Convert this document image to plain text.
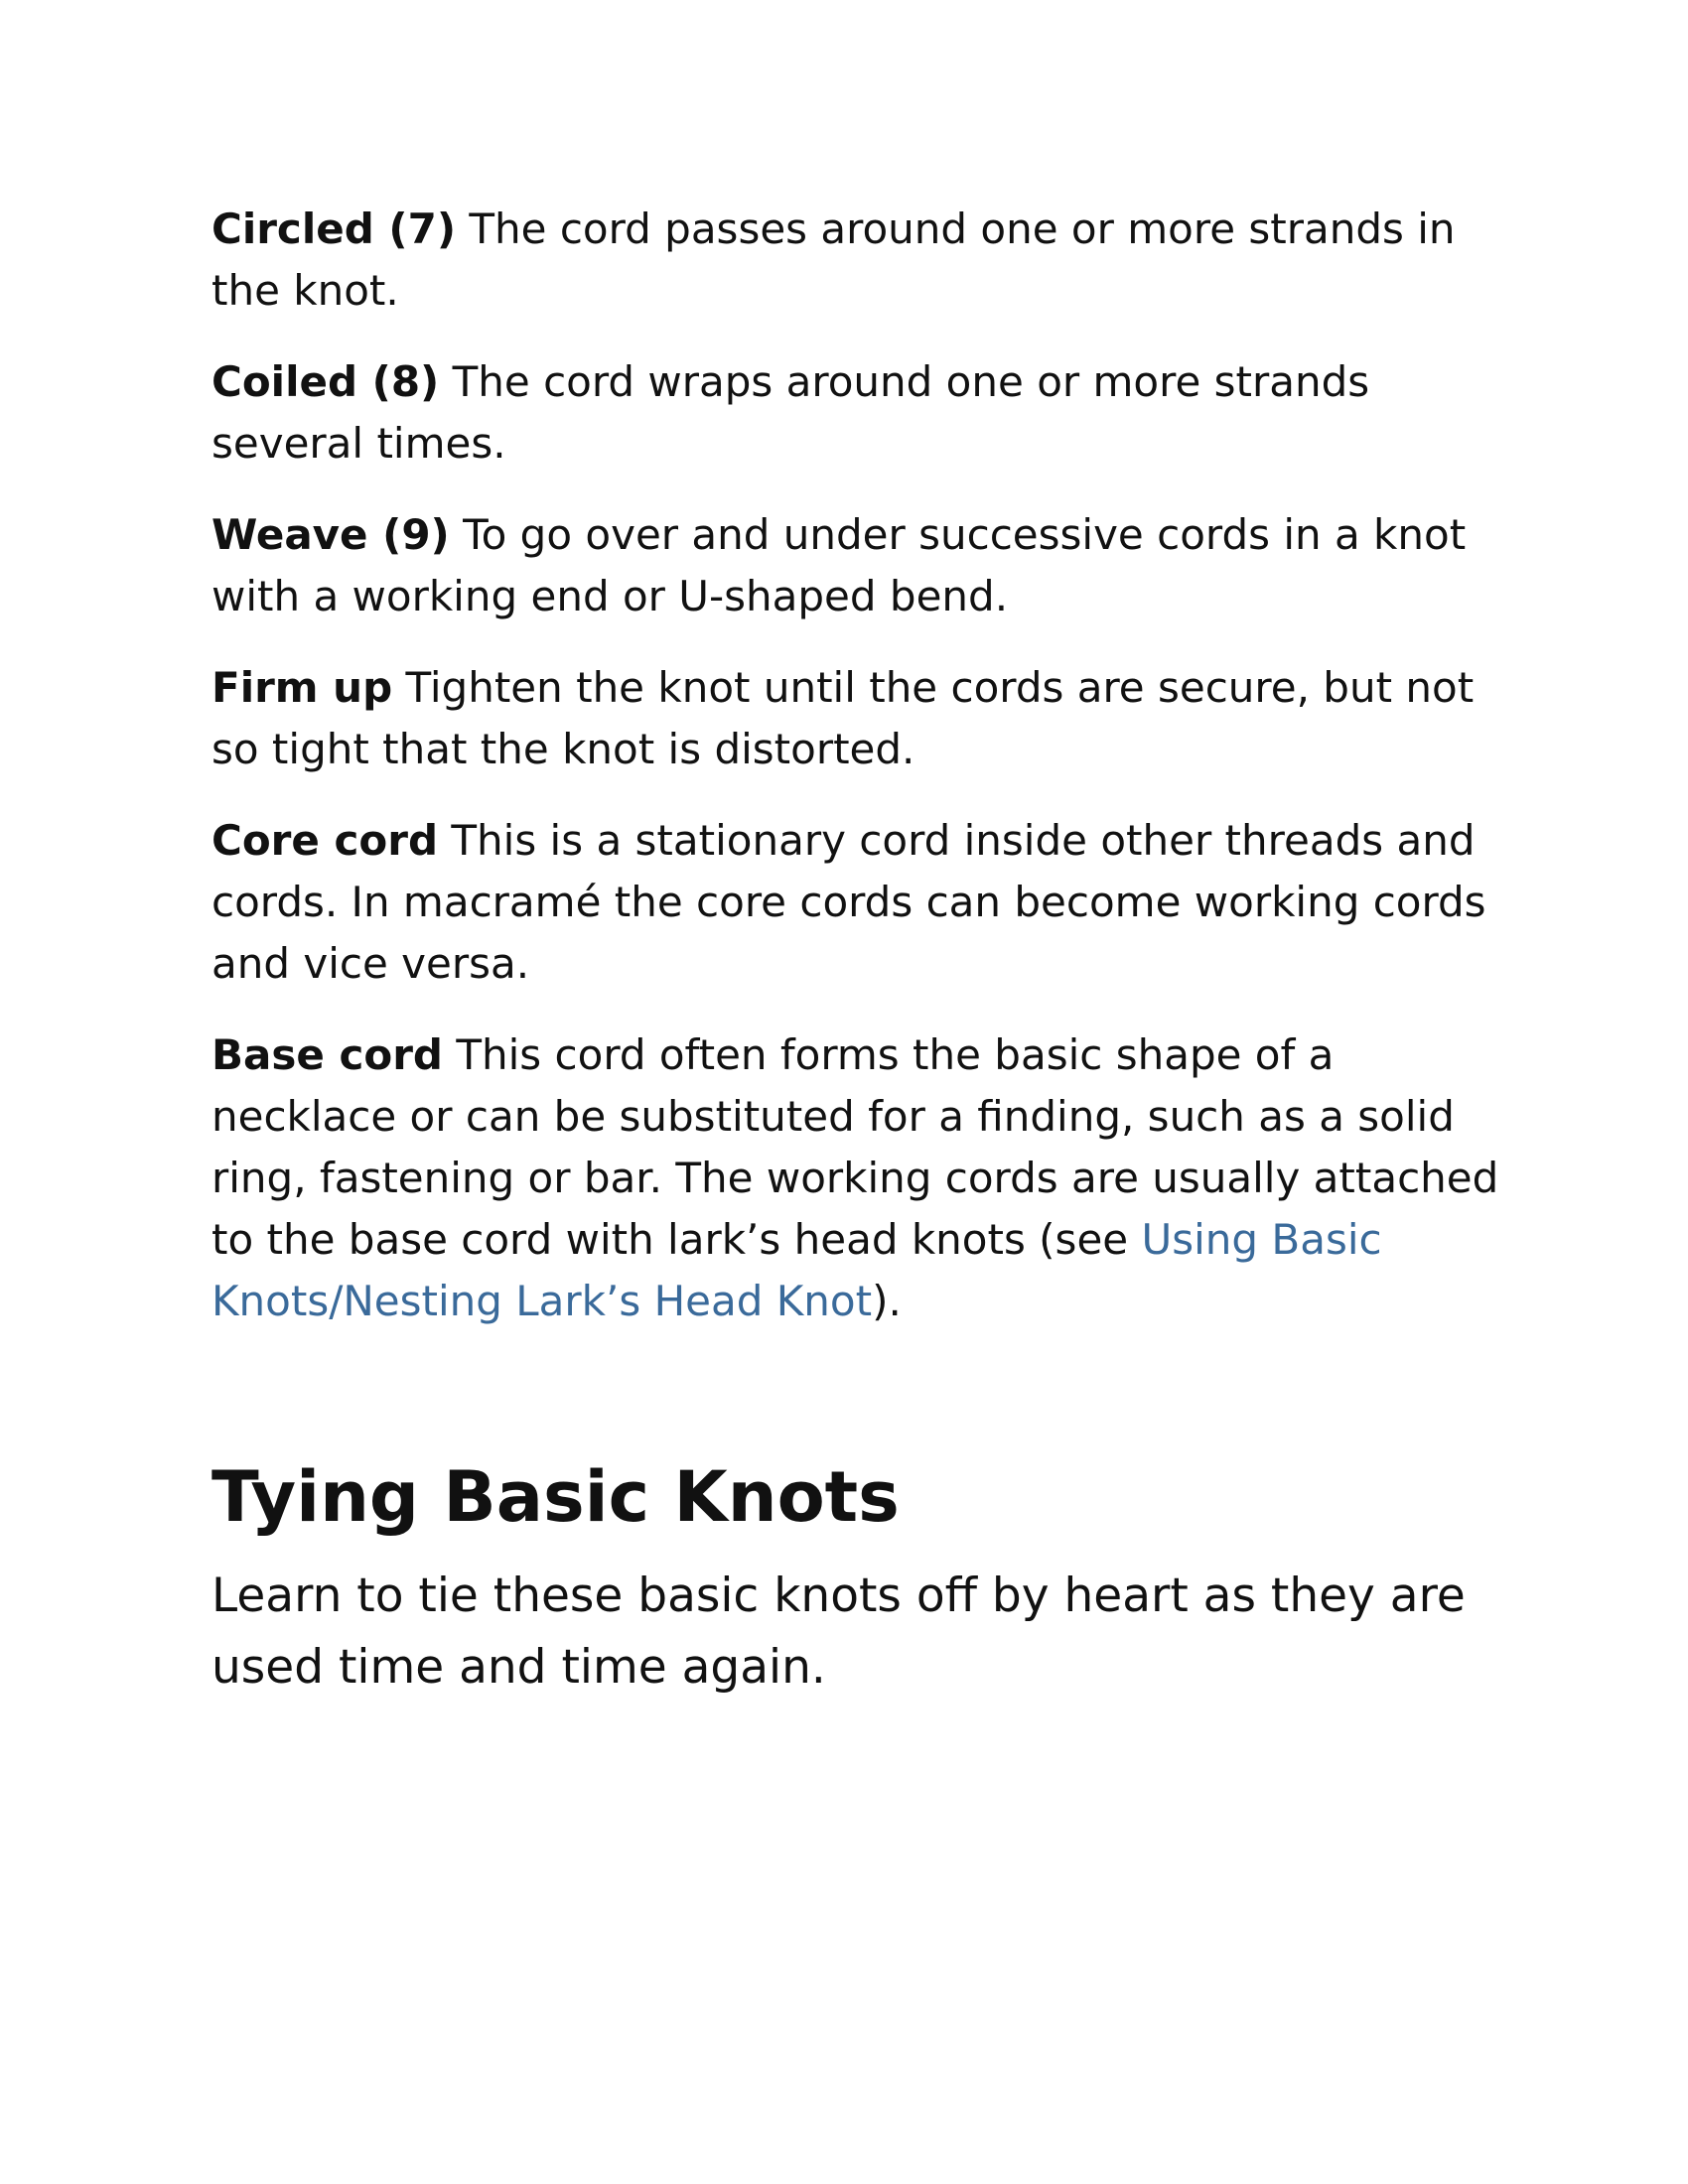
Circled (7) The cord passes around one or more strands in the knot.

Coiled (8) The cord wraps around one or more strands several times.

Weave (9) To go over and under successive cords in a knot with a working end or U-shaped bend.

Firm up Tighten the knot until the cords are secure, but not so tight that the knot is distorted.

Core cord This is a stationary cord inside other threads and cords. In macramé the core cords can become working cords and vice versa.

Base cord This cord often forms the basic shape of a necklace or can be substituted for a finding, such as a solid ring, fastening or bar. The working cords are usually attached to the base cord with lark’s head knots (see Using Basic Knots/Nesting Lark’s Head Knot).

Tying Basic Knots

Learn to tie these basic knots off by heart as they are used time and time again.
